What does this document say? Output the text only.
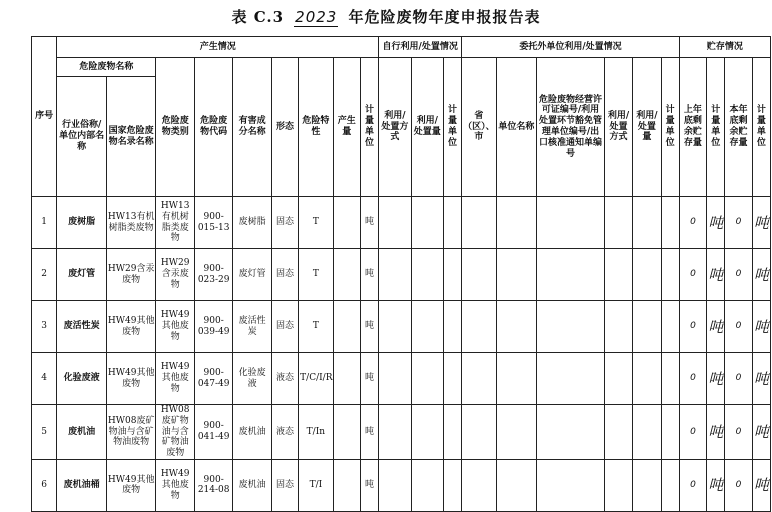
表 C.3 2023 年危险废物年度申报报告表
序号	产生情况									自行利用/处置情况			委托外单位利用/处置情况						贮存情况			
	危险废物名称		危险废物类别	危险废物代码	有害成分名称	形态	危险特性	产生量	计量单位	利用/处置方式	利用/处置量	计量单位	省（区）、市	单位名称	危险废物经营许可证编号/利用处置环节豁免管理单位编号/出口核准通知单编号	利用/处置方式	利用/处置量	计量单位	上年底剩余贮存量	计量单位	本年底剩余贮存量	计量单位
	行业俗称/单位内部名称	国家危险废物名录名称																				
1	废树脂	HW13有机树脂类废物	HW13有机树脂类废物	900-015-13	废树脂	固态	T		吨										0	吨	0	吨
2	废灯管	HW29含汞废物	HW29含汞废物	900-023-29	废灯管	固态	T		吨										0	吨	0	吨
3	废活性炭	HW49其他废物	HW49其他废物	900-039-49	废活性炭	固态	T		吨										0	吨	0	吨
4	化验废液	HW49其他废物	HW49其他废物	900-047-49	化验废液	液态	T/C/I/R		吨										0	吨	0	吨
5	废机油	HW08废矿物油与含矿物油废物	HW08废矿物油与含矿物油废物	900-041-49	废机油	液态	T/In		吨										0	吨	0	吨
6	废机油桶	HW49其他废物	HW49其他废物	900-214-08	废机油	固态	T/I		吨										0	吨	0	吨
